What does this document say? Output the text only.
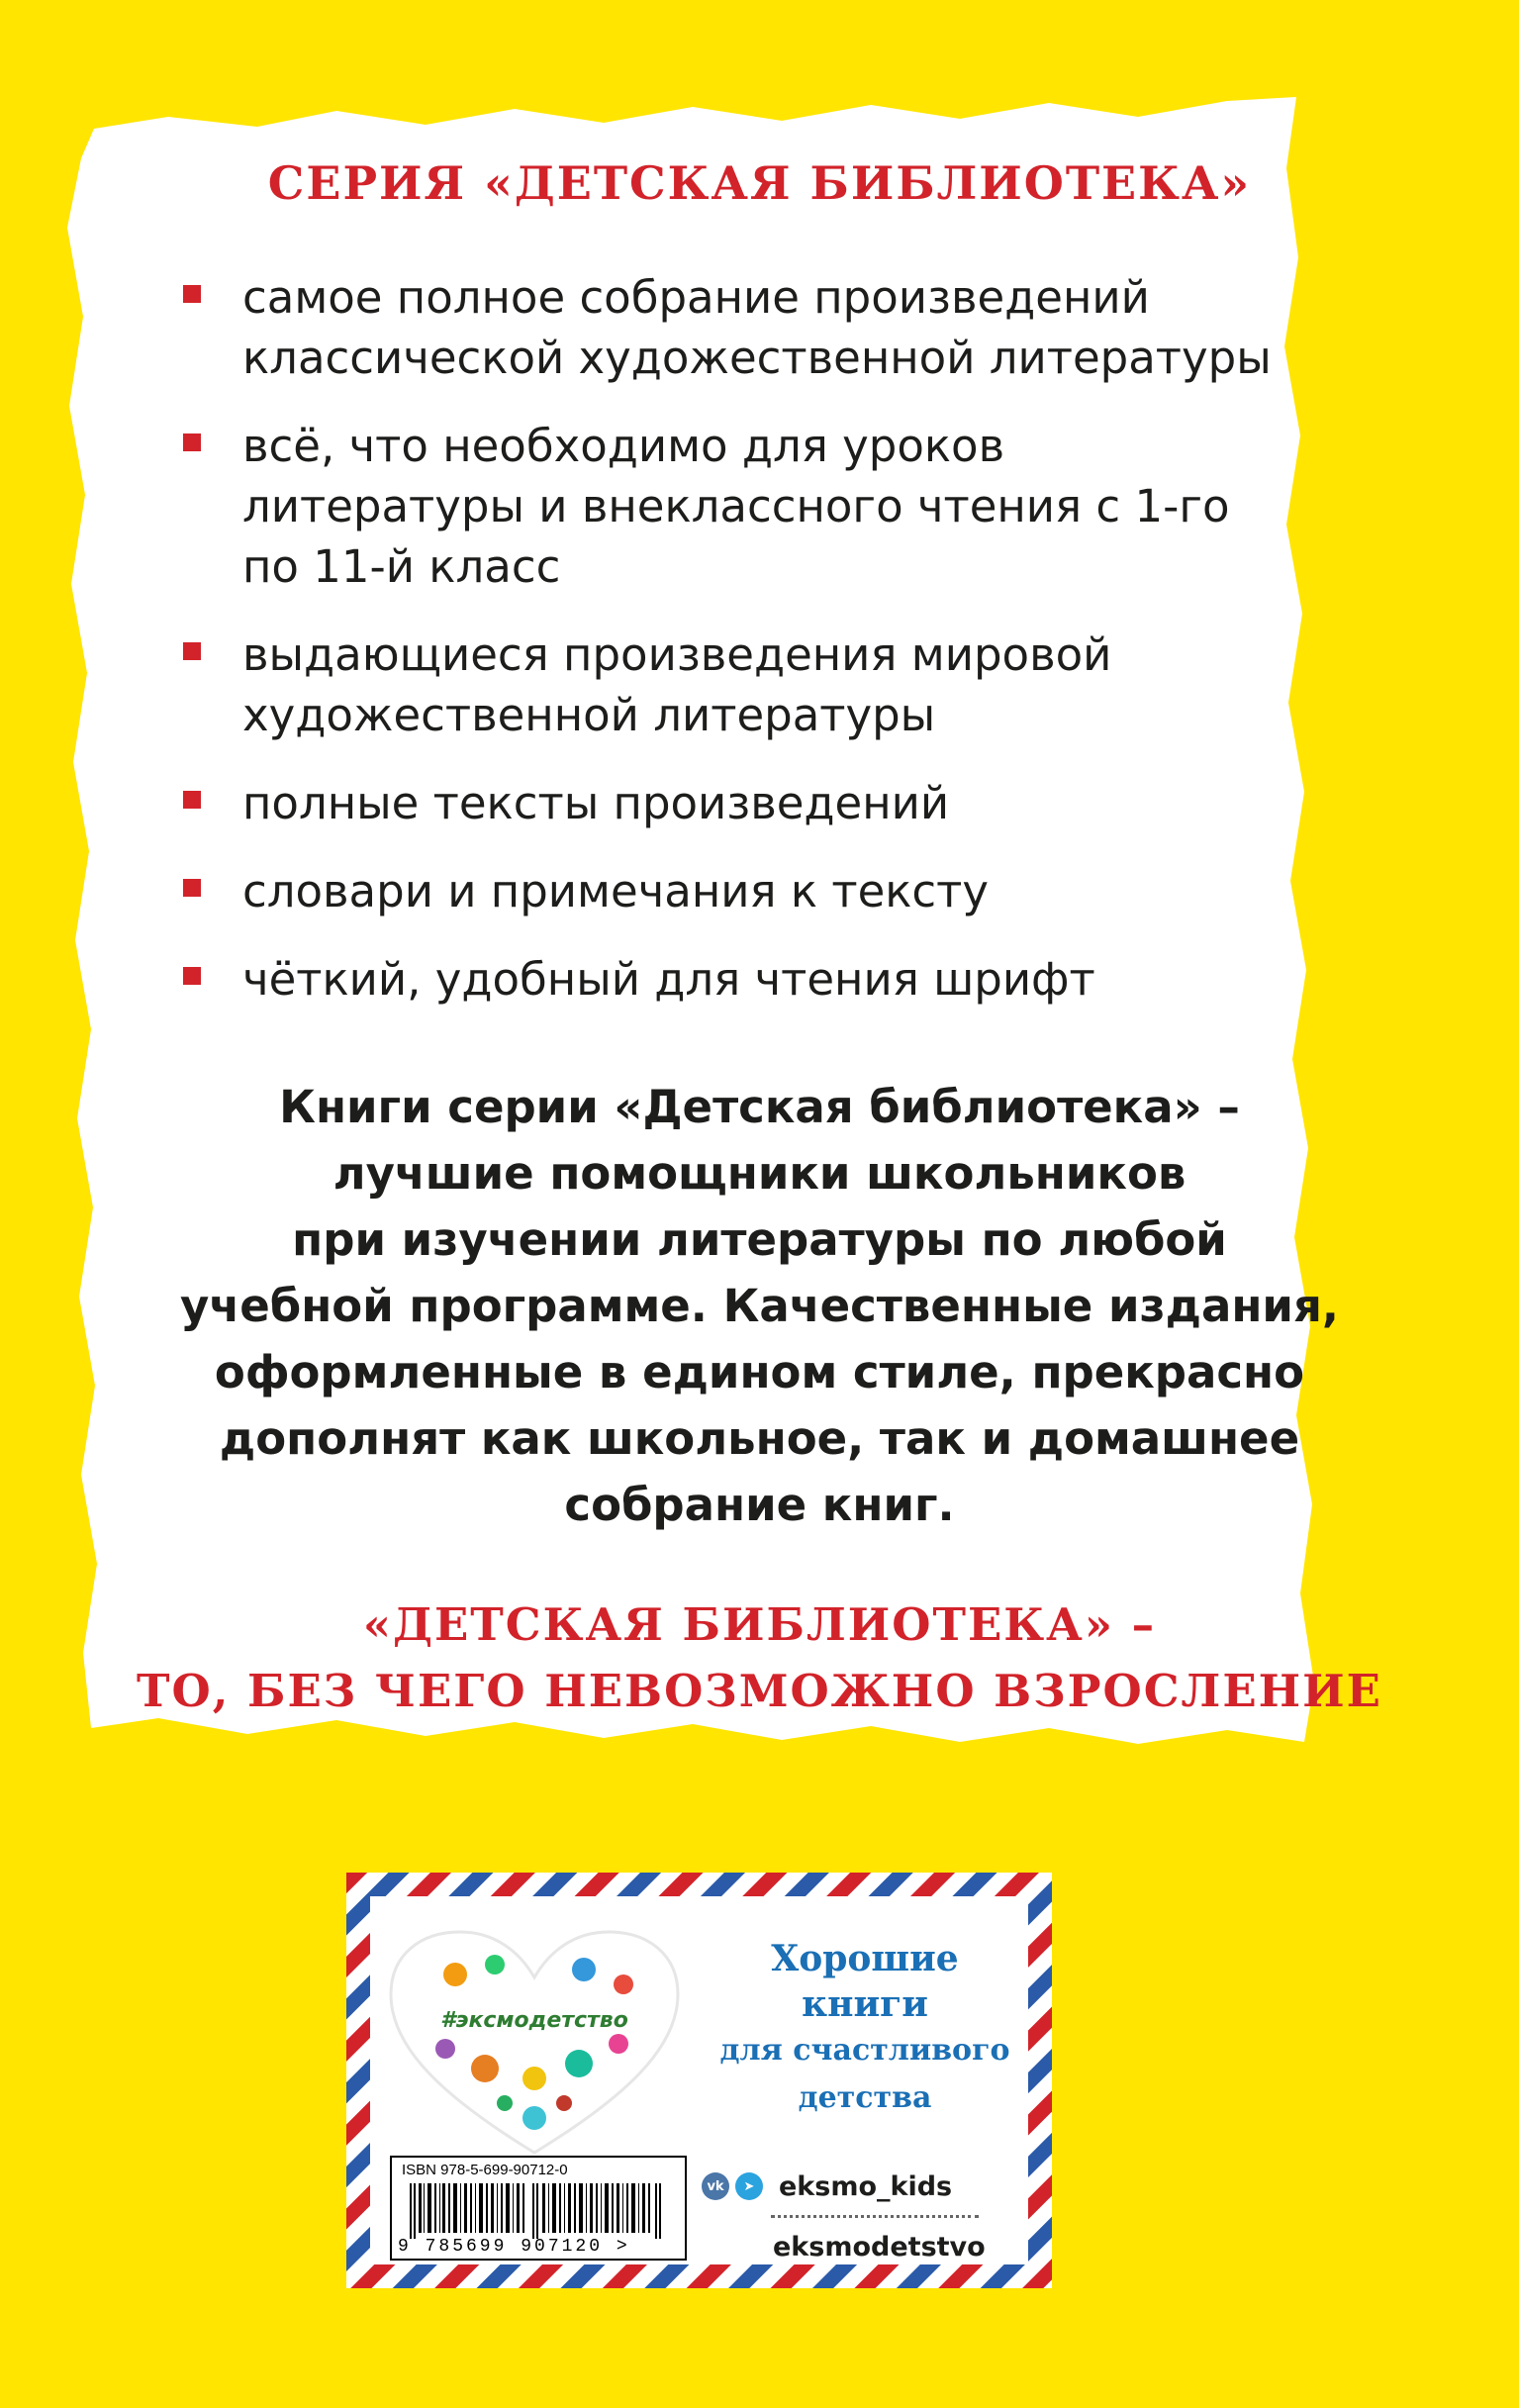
СЕРИЯ «ДЕТСКАЯ БИБЛИОТЕКА»
самое полное собрание произведений классической художественной литературы
всё, что необходимо для уроков литературы и внеклассного чтения с 1-го по 11-й класс
выдающиеся произведения мировой художественной литературы
полные тексты произведений
словари и примечания к тексту
чёткий, удобный для чтения шрифт
Книги серии «Детская библиотека» –
лучшие помощники школьников
при изучении литературы по любой
учебной программе. Качественные издания,
оформленные в едином стиле, прекрасно
дополнят как школьное, так и домашнее
собрание книг.
«ДЕТСКАЯ БИБЛИОТЕКА» –
ТО, БЕЗ ЧЕГО НЕВОЗМОЖНО ВЗРОСЛЕНИЕ
#эксмодетство
Хорошие
книги
для счастливого
детства
ISBN 978-5-699-90712-0
9 785699 907120 >
vk	➤ eksmo_kids
eksmodetstvo
